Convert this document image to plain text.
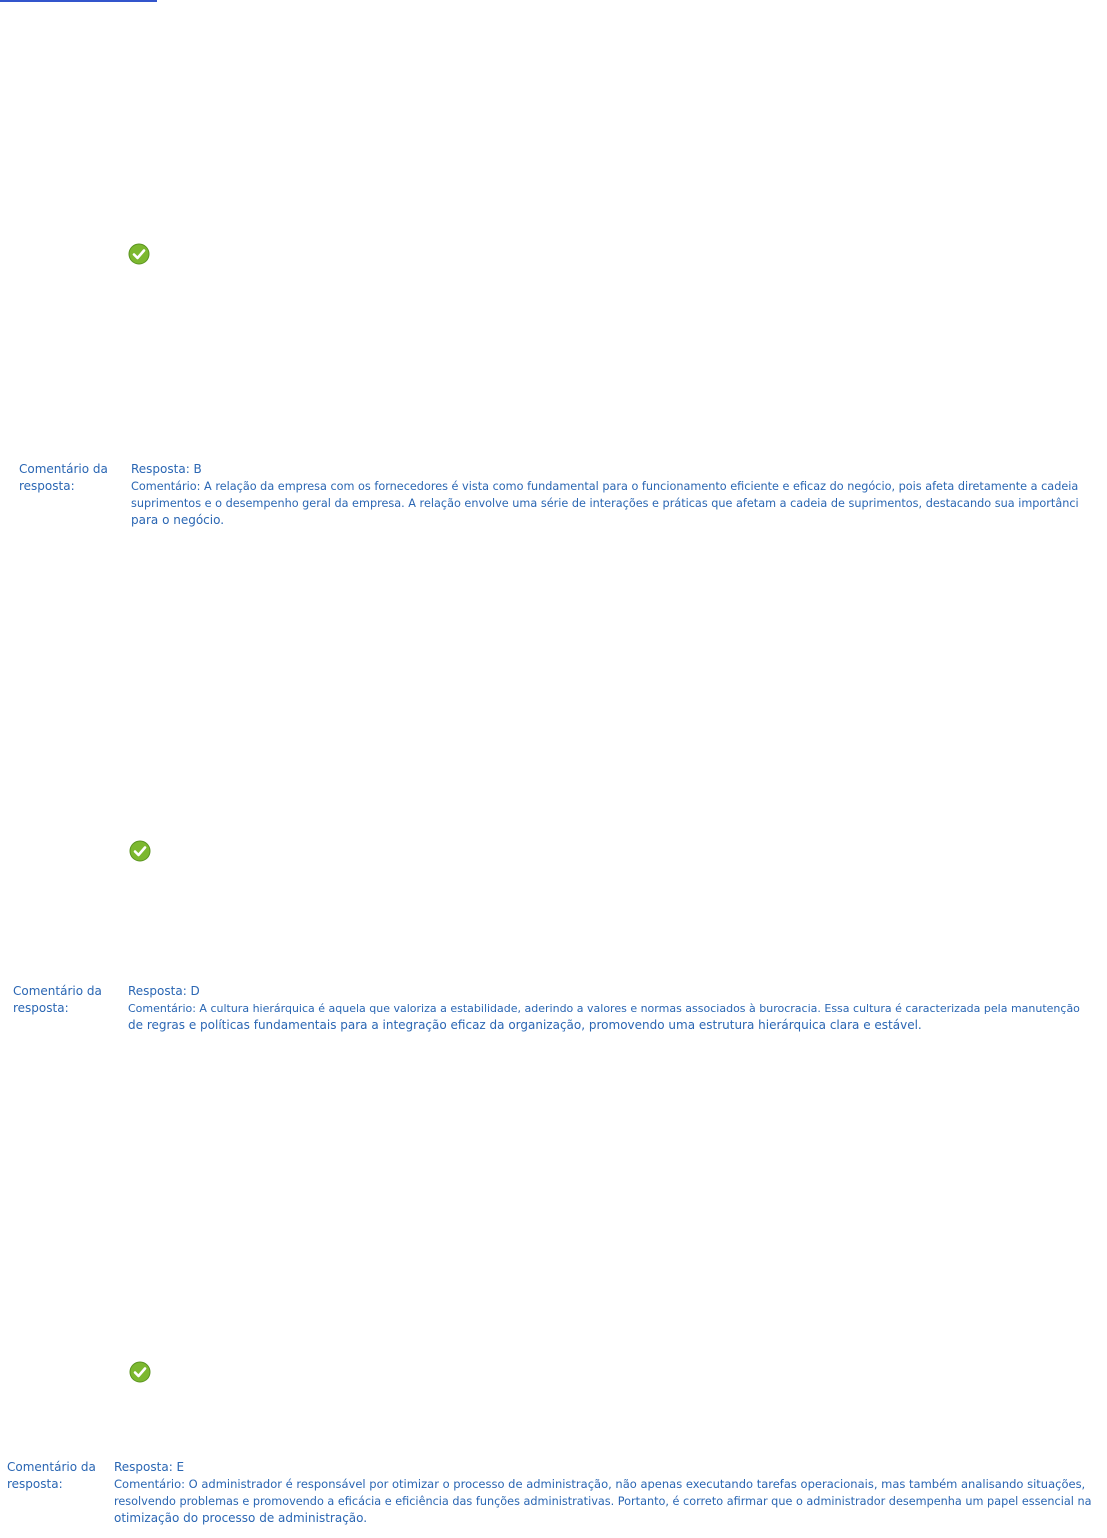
Comentário da
resposta:
Resposta: B
Comentário: A relação da empresa com os fornecedores é vista como fundamental para o funcionamento eficiente e eficaz do negócio, pois afeta diretamente a cadeia
suprimentos e o desempenho geral da empresa. A relação envolve uma série de interações e práticas que afetam a cadeia de suprimentos, destacando sua importânci
para o negócio.
Comentário da
resposta:
Resposta: D
Comentário: A cultura hierárquica é aquela que valoriza a estabilidade, aderindo a valores e normas associados à burocracia. Essa cultura é caracterizada pela manutenção
de regras e políticas fundamentais para a integração eficaz da organização, promovendo uma estrutura hierárquica clara e estável.
Comentário da
resposta:
Resposta: E
Comentário: O administrador é responsável por otimizar o processo de administração, não apenas executando tarefas operacionais, mas também analisando situações,
resolvendo problemas e promovendo a eficácia e eficiência das funções administrativas. Portanto, é correto afirmar que o administrador desempenha um papel essencial na
otimização do processo de administração.
